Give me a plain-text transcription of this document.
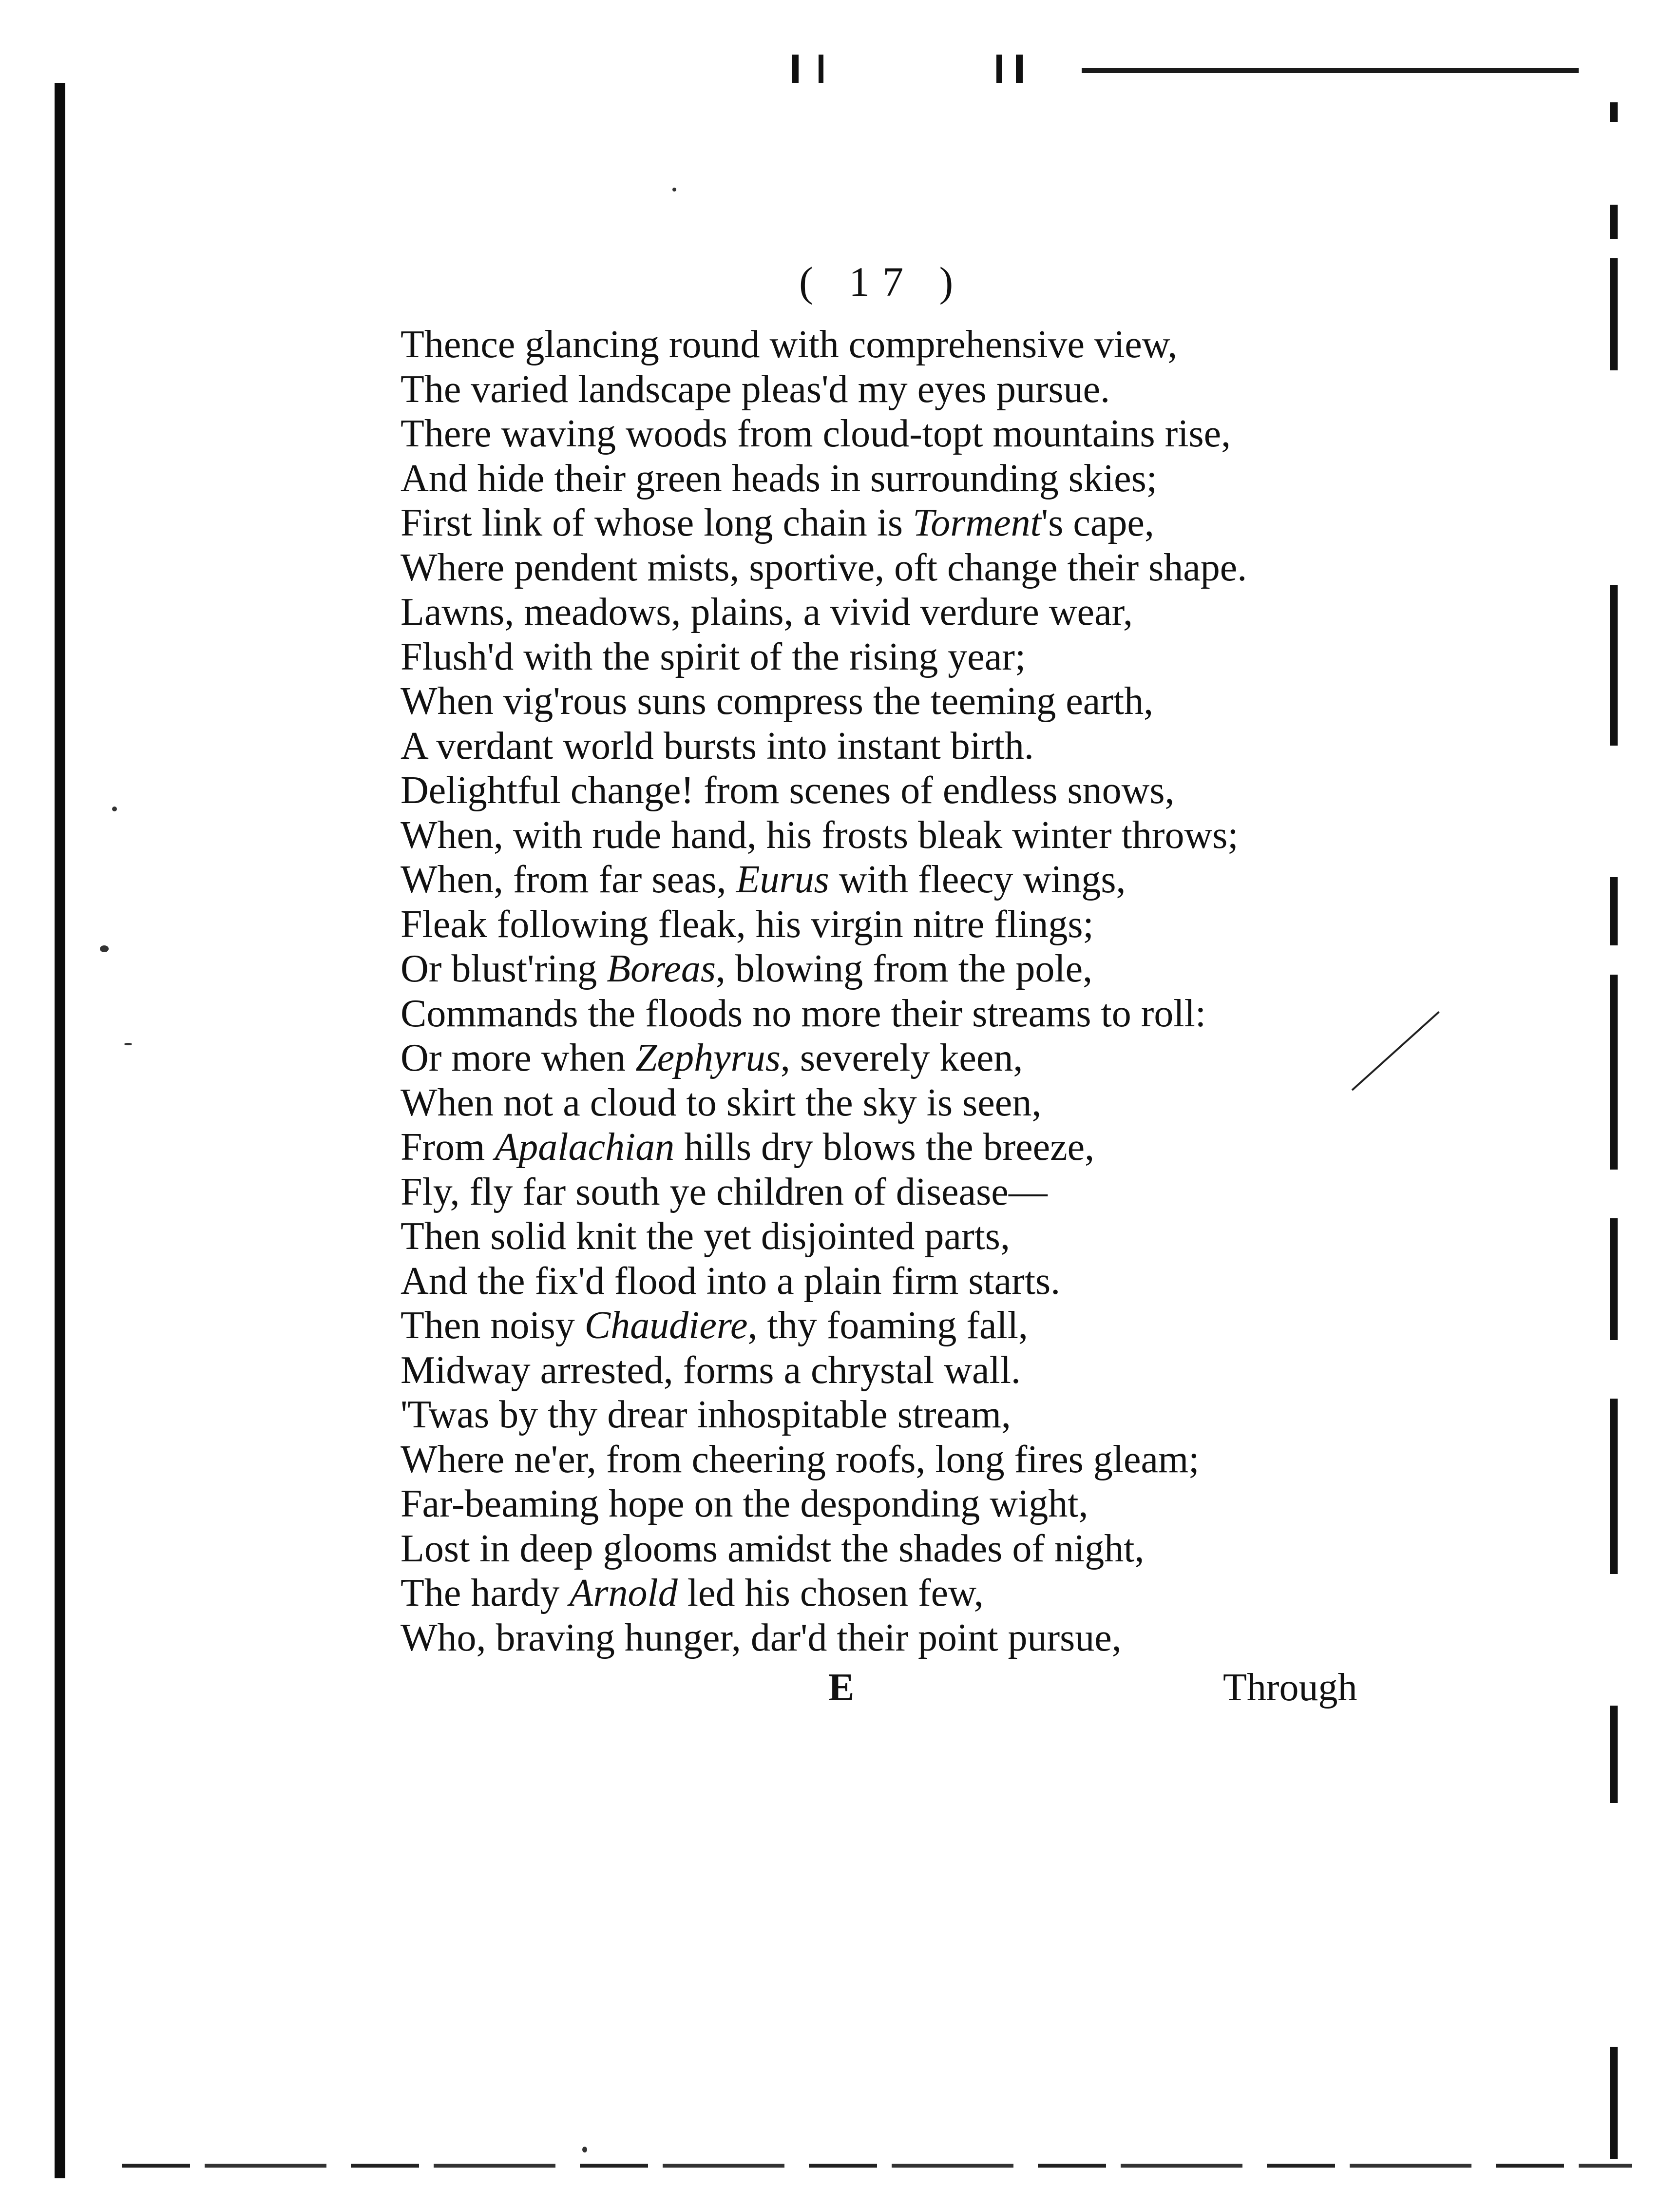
( 17 )
Thence glancing round with comprehensive view,
The varied landscape pleas'd my eyes pursue.
There waving woods from cloud-topt mountains rise,
And hide their green heads in surrounding skies;
First link of whose long chain is Torment's cape,
Where pendent mists, sportive, oft change their shape.
Lawns, meadows, plains, a vivid verdure wear,
Flush'd with the spirit of the rising year;
When vig'rous suns compress the teeming earth,
A verdant world bursts into instant birth.
Delightful change! from scenes of endless snows,
When, with rude hand, his frosts bleak winter throws;
When, from far seas, Eurus with fleecy wings,
Fleak following fleak, his virgin nitre flings;
Or blust'ring Boreas, blowing from the pole,
Commands the floods no more their streams to roll:
Or more when Zephyrus, severely keen,
When not a cloud to skirt the sky is seen,
From Apalachian hills dry blows the breeze,
Fly, fly far south ye children of disease—
Then solid knit the yet disjointed parts,
And the fix'd flood into a plain firm starts.
Then noisy Chaudiere, thy foaming fall,
Midway arrested, forms a chrystal wall.
'Twas by thy drear inhospitable stream,
Where ne'er, from cheering roofs, long fires gleam;
Far-beaming hope on the desponding wight,
Lost in deep glooms amidst the shades of night,
The hardy Arnold led his chosen few,
Who, braving hunger, dar'd their point pursue,
E	Through
